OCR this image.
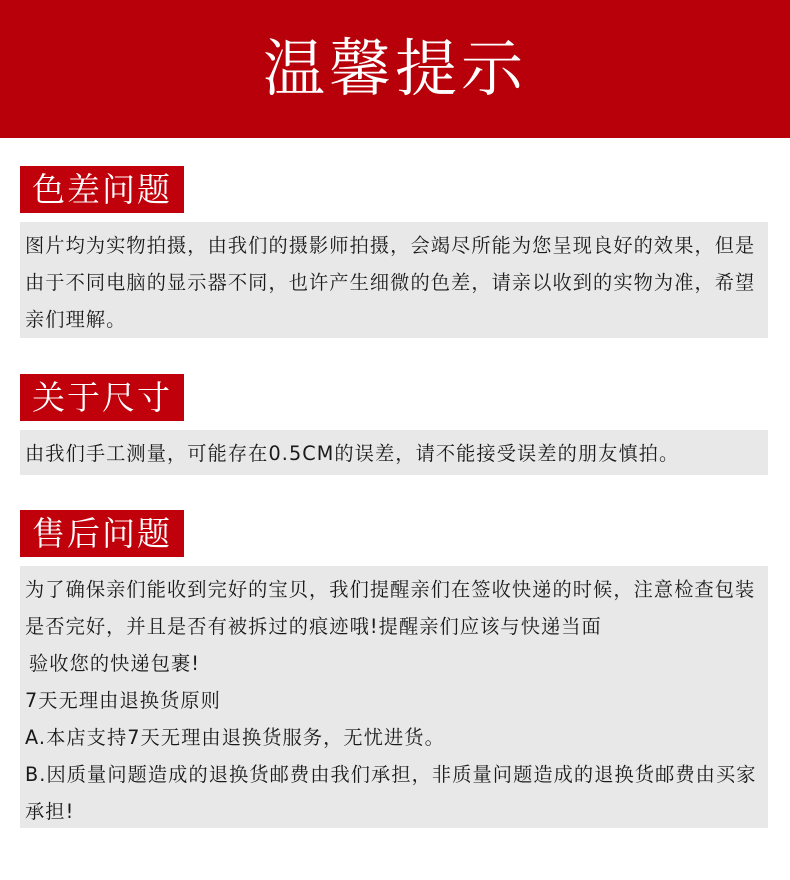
温馨提示
色差问题

图片均为实物拍摄，由我们的摄影师拍摄，会竭尽所能为您呈现良好的效果，但是由于不同电脑的显示器不同，也许产生细微的色差，请亲以收到的实物为准，希望亲们理解。

关于尺寸

由我们手工测量，可能存在0.5CM的误差，请不能接受误差的朋友慎拍。

售后问题

为了确保亲们能收到完好的宝贝，我们提醒亲们在签收快递的时候，注意检查包装是否完好，并且是否有被拆过的痕迹哦!提醒亲们应该与快递当面

验收您的快递包裹!

7天无理由退换货原则

A.本店支持7天无理由退换货服务，无忧进货。

B.因质量问题造成的退换货邮费由我们承担，非质量问题造成的退换货邮费由买家承担!
